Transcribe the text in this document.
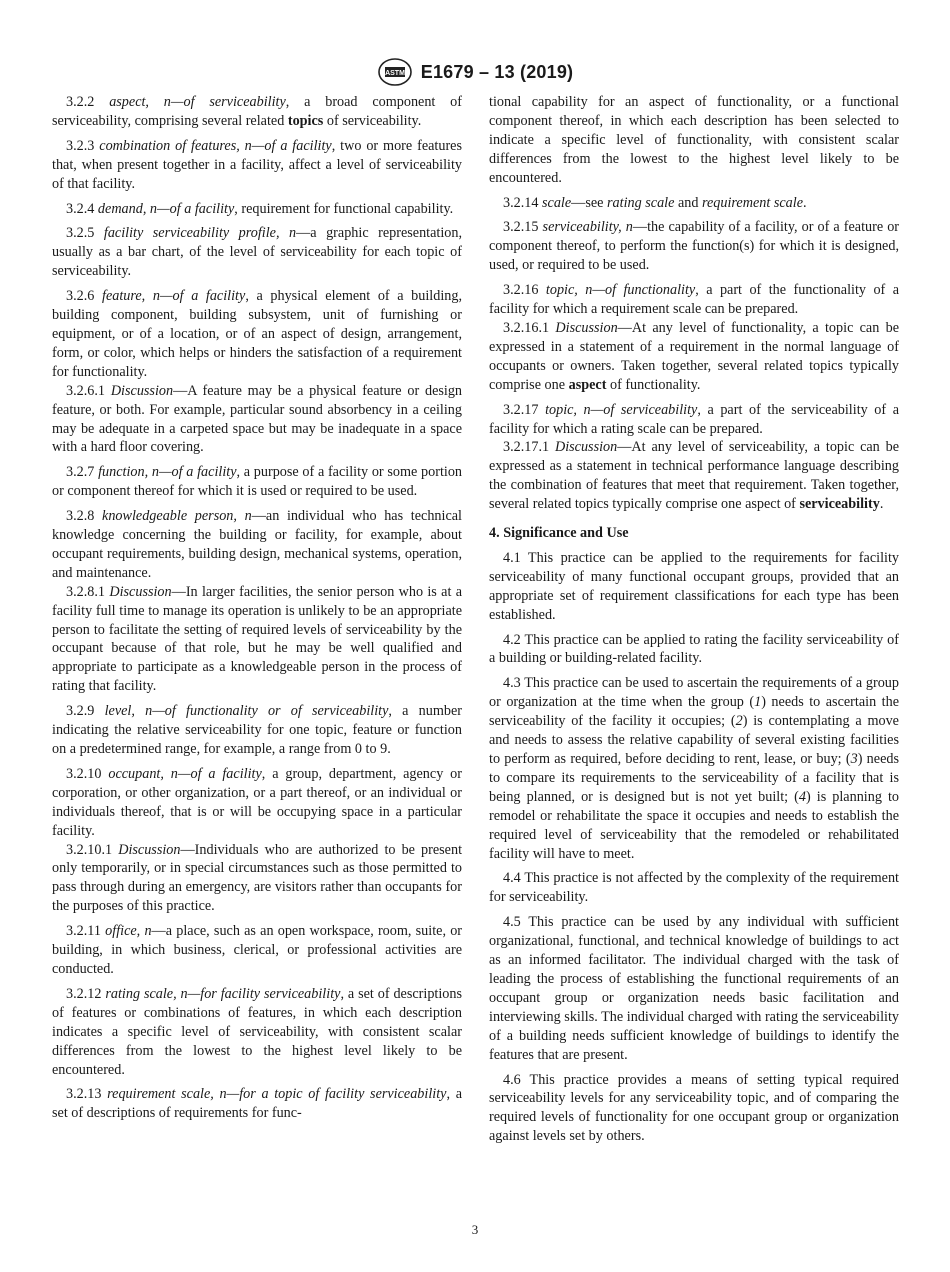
ASTM E1679 – 13 (2019)

3.2.2 aspect, n—of serviceability, a broad component of serviceability, comprising several related topics of serviceability.

3.2.3 combination of features, n—of a facility, two or more features that, when present together in a facility, affect a level of serviceability of that facility.

3.2.4 demand, n—of a facility, requirement for functional capability.

3.2.5 facility serviceability profile, n—a graphic representation, usually as a bar chart, of the level of serviceability for each topic of serviceability.

3.2.6 feature, n—of a facility, a physical element of a building, building component, building subsystem, unit of furnishing or equipment, or of a location, or of an aspect of design, arrangement, form, or color, which helps or hinders the satisfaction of a requirement for functionality.

3.2.6.1 Discussion—A feature may be a physical feature or design feature, or both. For example, particular sound absorbency in a ceiling may be adequate in a carpeted space but may be inadequate in a space with a hard floor covering.

3.2.7 function, n—of a facility, a purpose of a facility or some portion or component thereof for which it is used or required to be used.

3.2.8 knowledgeable person, n—an individual who has technical knowledge concerning the building or facility, for example, about occupant requirements, building design, mechanical systems, operation, and maintenance.

3.2.8.1 Discussion—In larger facilities, the senior person who is at a facility full time to manage its operation is unlikely to be an appropriate person to facilitate the setting of required levels of serviceability by the occupant because of that role, but he may be well qualified and appropriate to participate as a knowledgeable person in the process of rating that facility.

3.2.9 level, n—of functionality or of serviceability, a number indicating the relative serviceability for one topic, feature or function on a predetermined range, for example, a range from 0 to 9.

3.2.10 occupant, n—of a facility, a group, department, agency or corporation, or other organization, or a part thereof, or an individual or individuals thereof, that is or will be occupying space in a particular facility.

3.2.10.1 Discussion—Individuals who are authorized to be present only temporarily, or in special circumstances such as those permitted to pass through during an emergency, are visitors rather than occupants for the purposes of this practice.

3.2.11 office, n—a place, such as an open workspace, room, suite, or building, in which business, clerical, or professional activities are conducted.

3.2.12 rating scale, n—for facility serviceability, a set of descriptions of features or combinations of features, in which each description indicates a specific level of serviceability, with consistent scalar differences from the lowest to the highest level likely to be encountered.

3.2.13 requirement scale, n—for a topic of facility serviceability, a set of descriptions of requirements for func-

tional capability for an aspect of functionality, or a functional component thereof, in which each description has been selected to indicate a specific level of functionality, with consistent scalar differences from the lowest to the highest level likely to be encountered.

3.2.14 scale—see rating scale and requirement scale.

3.2.15 serviceability, n—the capability of a facility, or of a feature or component thereof, to perform the function(s) for which it is designed, used, or required to be used.

3.2.16 topic, n—of functionality, a part of the functionality of a facility for which a requirement scale can be prepared.

3.2.16.1 Discussion—At any level of functionality, a topic can be expressed in a statement of a requirement in the normal language of occupants or owners. Taken together, several related topics typically comprise one aspect of functionality.

3.2.17 topic, n—of serviceability, a part of the serviceability of a facility for which a rating scale can be prepared.

3.2.17.1 Discussion—At any level of serviceability, a topic can be expressed as a statement in technical performance language describing the combination of features that meet that requirement. Taken together, several related topics typically comprise one aspect of serviceability.

4. Significance and Use

4.1 This practice can be applied to the requirements for facility serviceability of many functional occupant groups, provided that an appropriate set of requirement classifications for each type has been established.

4.2 This practice can be applied to rating the facility serviceability of a building or building-related facility.

4.3 This practice can be used to ascertain the requirements of a group or organization at the time when the group (1) needs to ascertain the serviceability of the facility it occupies; (2) is contemplating a move and needs to assess the relative capability of several existing facilities to perform as required, before deciding to rent, lease, or buy; (3) needs to compare its requirements to the serviceability of a facility that is being planned, or is designed but is not yet built; (4) is planning to remodel or rehabilitate the space it occupies and needs to establish the required level of serviceability that the remodeled or rehabilitated facility will have to meet.

4.4 This practice is not affected by the complexity of the requirement for serviceability.

4.5 This practice can be used by any individual with sufficient organizational, functional, and technical knowledge of buildings to act as an informed facilitator. The individual charged with the task of leading the process of establishing the functional requirements of an occupant group or organization needs basic facilitation and interviewing skills. The individual charged with rating the serviceability of a building needs sufficient knowledge of buildings to identify the features that are present.

4.6 This practice provides a means of setting typical required serviceability levels for any serviceability topic, and of comparing the required levels of functionality for one occupant group or organization against levels set by others.

3
